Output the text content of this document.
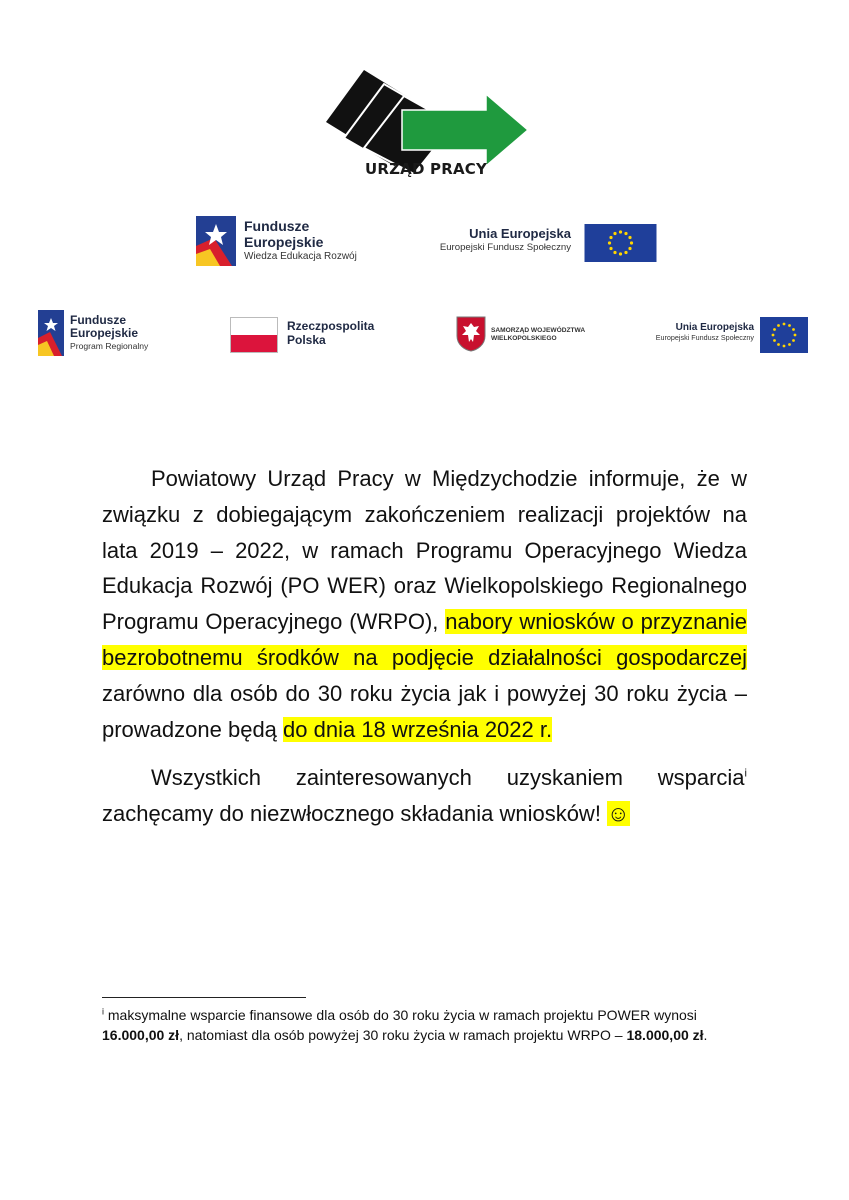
URZĄD PRACY
Fundusze
Europejskie
Wiedza Edukacja Rozwój
Unia Europejska
Europejski Fundusz Społeczny
Fundusze
Europejskie
Program Regionalny
Rzeczpospolita
Polska
SAMORZĄD WOJEWÓDZTWA
WIELKOPOLSKIEGO
Unia Europejska
Europejski Fundusz Społeczny

Powiatowy Urząd Pracy w Międzychodzie informuje, że w związku z dobiegającym zakończeniem realizacji projektów na lata 2019 – 2022, w ramach Programu Operacyjnego Wiedza Edukacja Rozwój (PO WER) oraz Wielkopolskiego Regionalnego Programu Operacyjnego (WRPO), nabory wniosków o przyznanie bezrobotnemu środków na podjęcie działalności gospodarczej zarówno dla osób do 30 roku życia jak i powyżej 30 roku życia – prowadzone będą do dnia 18 września 2022 r.

Wszystkich zainteresowanych uzyskaniem wsparcia$^i$ zachęcamy do niezwłocznego składania wniosków! ☺

$^i$ maksymalne wsparcie finansowe dla osób do 30 roku życia w ramach projektu POWER wynosi 16.000,00 zł, natomiast dla osób powyżej 30 roku życia w ramach projektu WRPO – 18.000,00 zł.
